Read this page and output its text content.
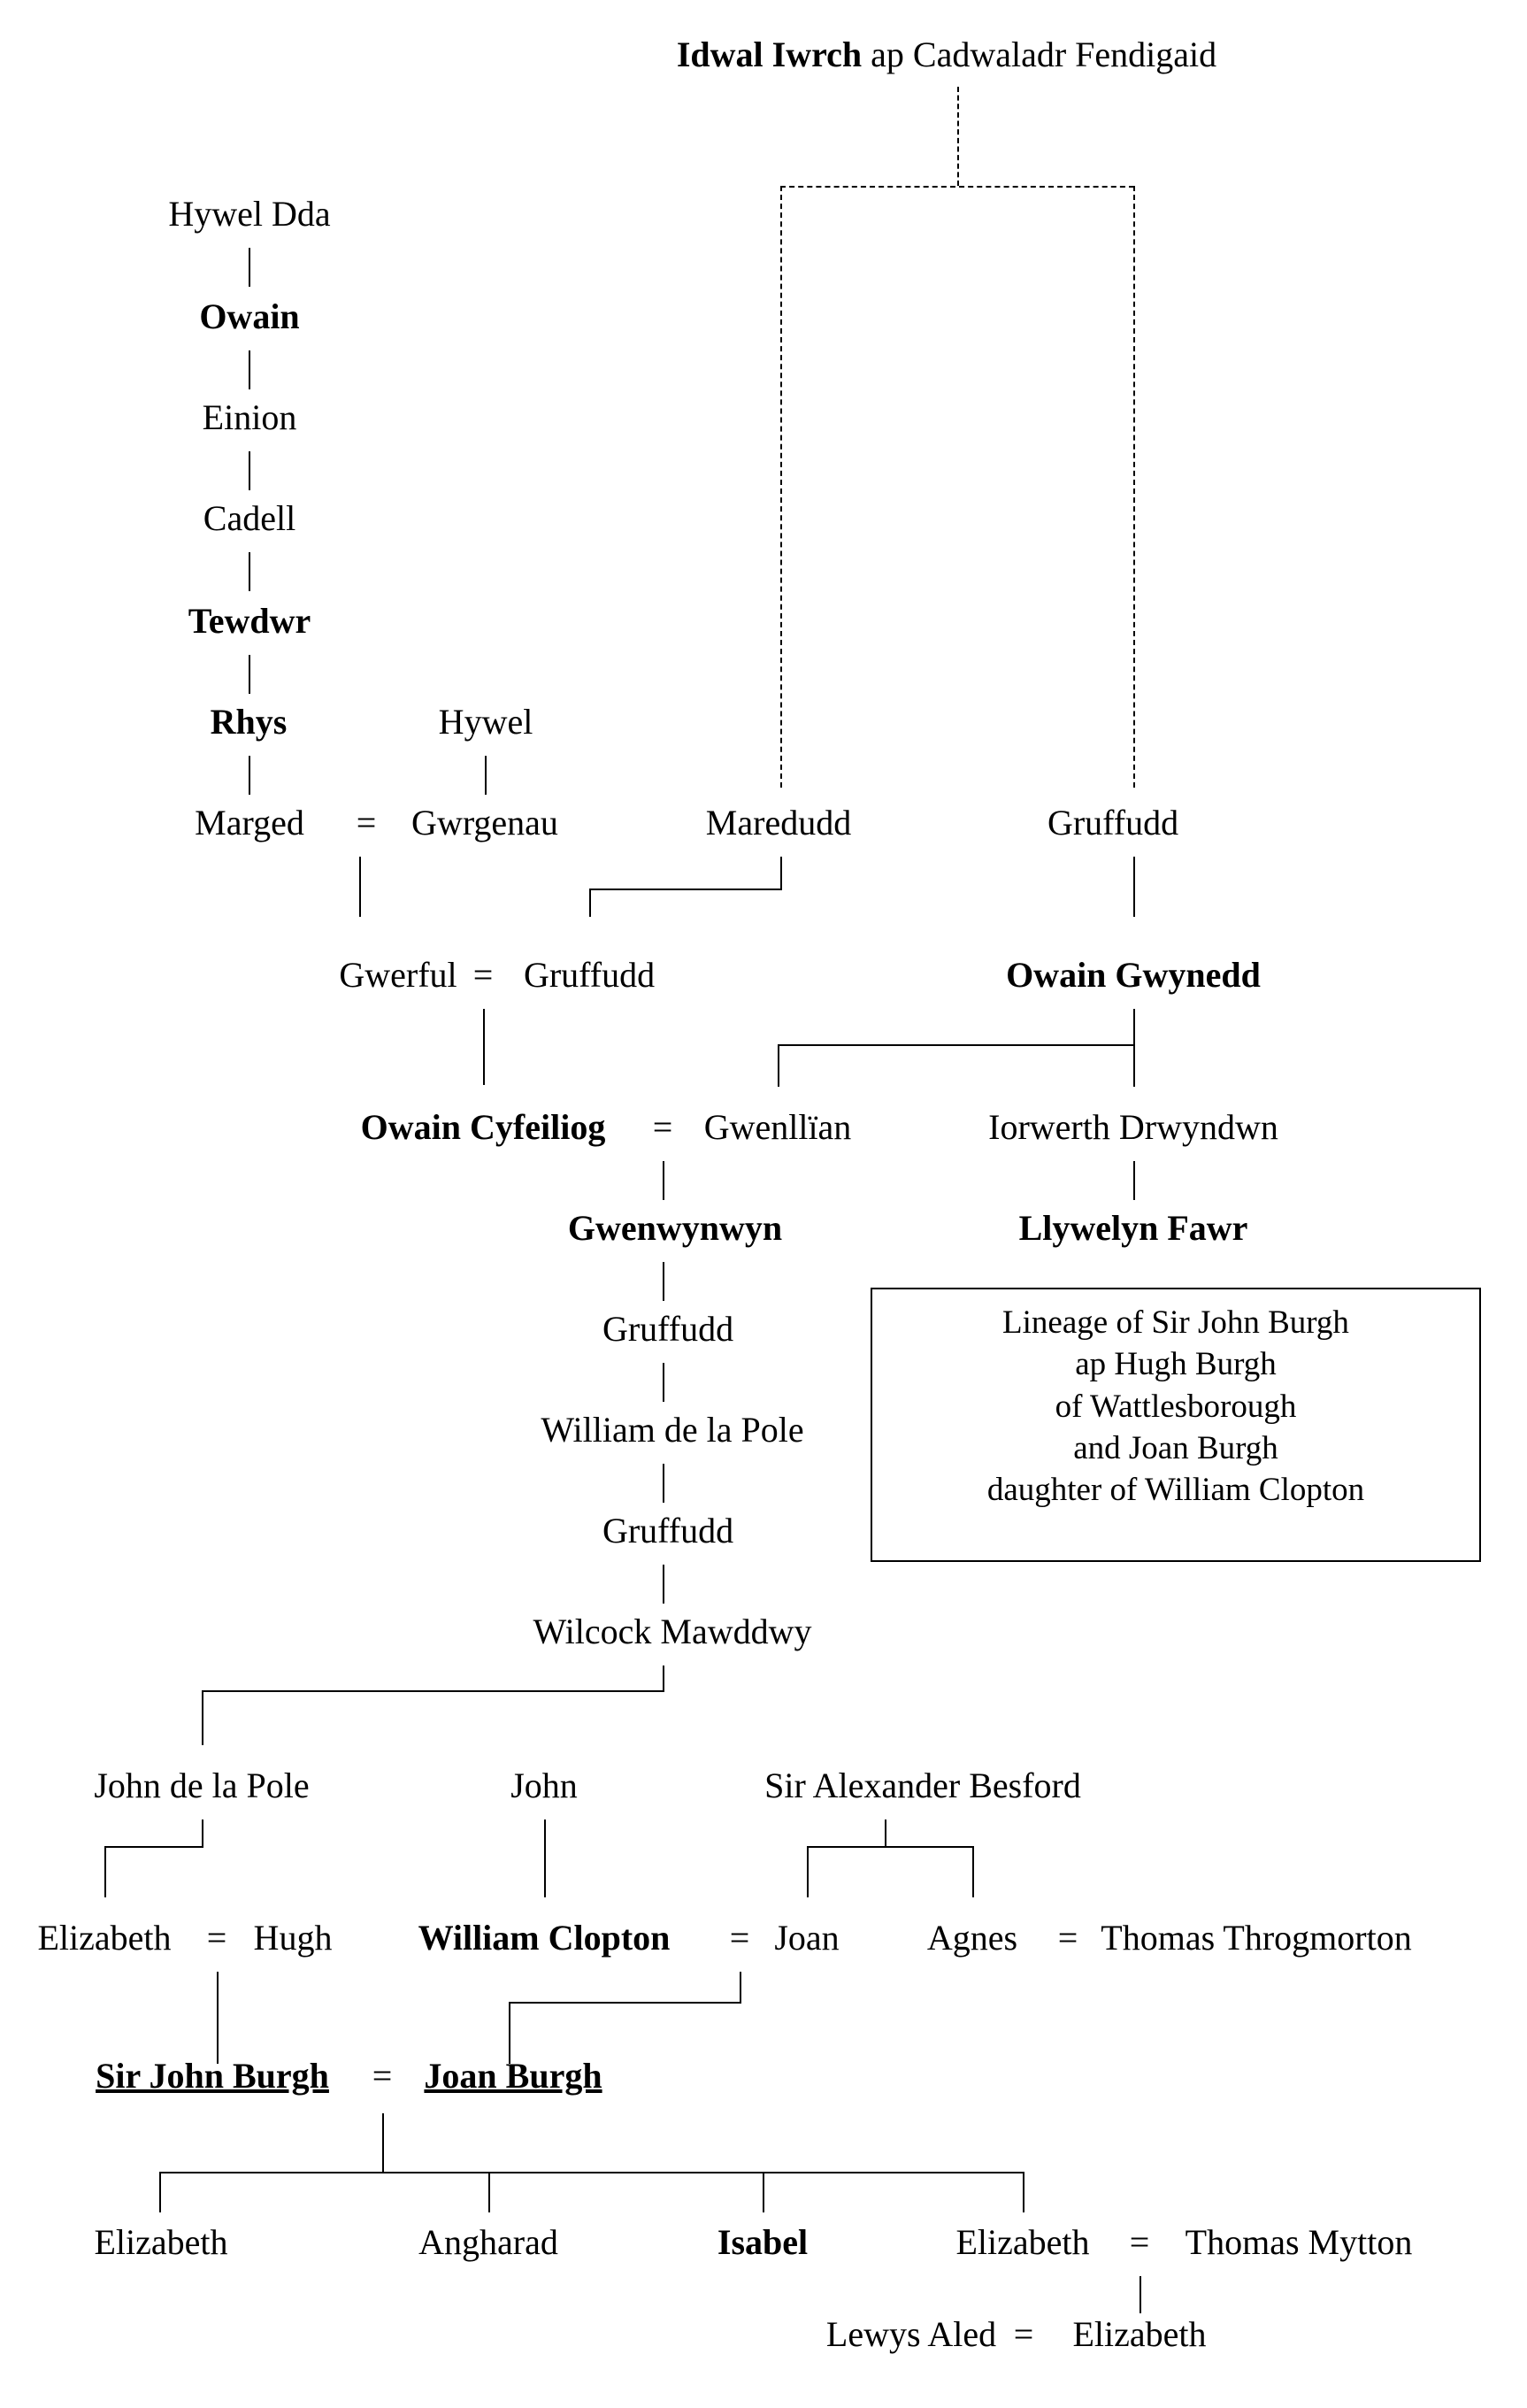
Idwal Iwrch ap Cadwaladr Fendigaid
Hywel Dda
Owain
Einion
Cadell
Tewdwr
Rhys	Hywel
Marged = Gwrgenau	Maredudd	Gruffudd
Gwerful = Gruffudd	Owain Gwynedd
Owain Cyfeiliog = Gwenllïan	Iorwerth Drwyndwn
Gwenwynwyn	Llywelyn Fawr
Lineage of Sir John Burgh
ap Hugh Burgh
of Wattlesborough
and Joan Burgh
daughter of William Clopton
Gruffudd
William de la Pole
Gruffudd
Wilcock Mawddwy
John de la Pole	John	Sir Alexander Besford
Elizabeth = Hugh William Clopton = Joan Agnes = Thomas Throgmorton
Sir John Burgh = Joan Burgh
Elizabeth	Angharad	Isabel	Elizabeth = Thomas Mytton
Lewys Aled = Elizabeth
